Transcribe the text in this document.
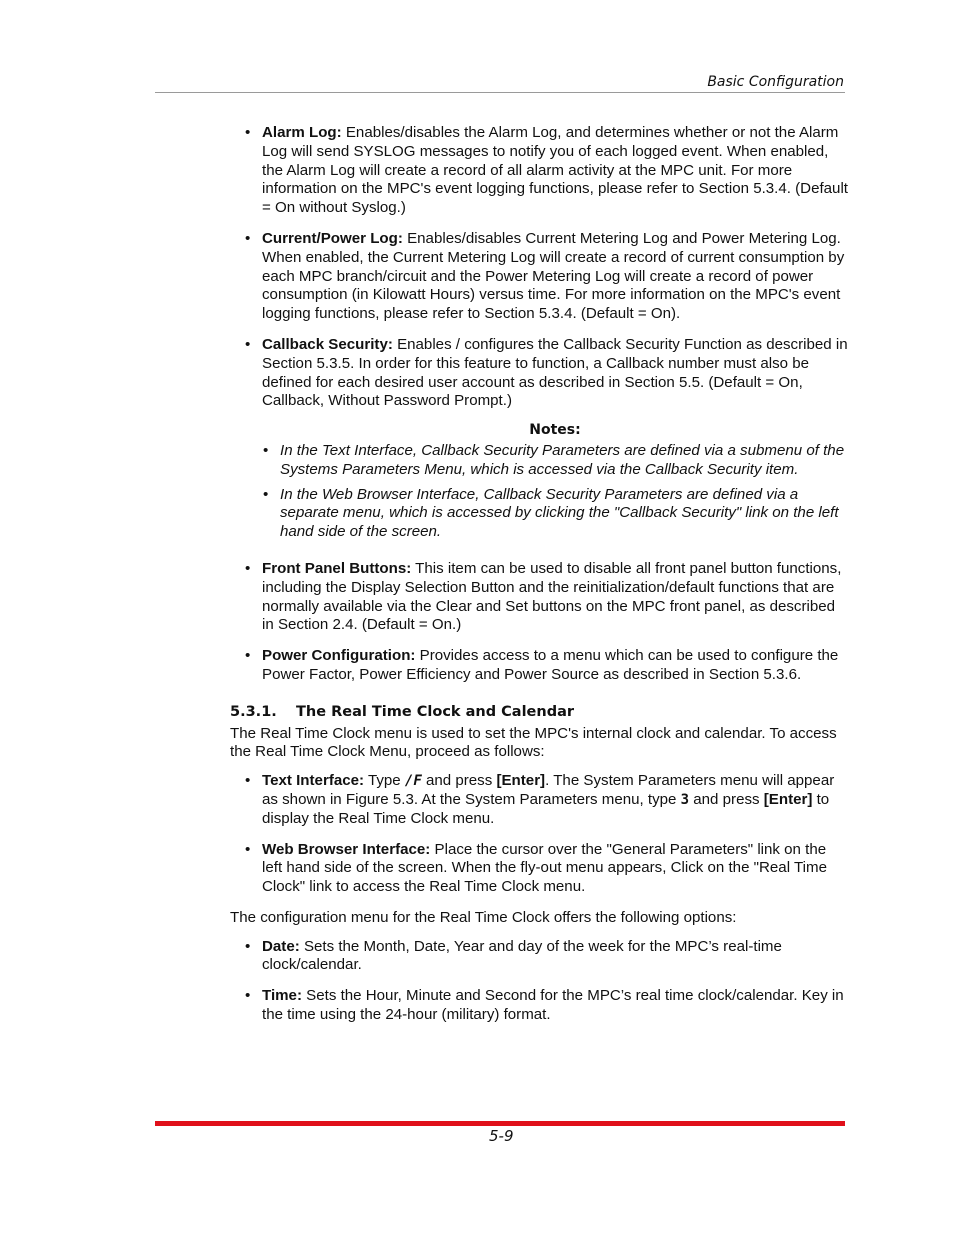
Basic Configuration
• Alarm Log: Enables/disables the Alarm Log, and determines whether or not the Alarm Log will send SYSLOG messages to notify you of each logged event. When enabled, the Alarm Log will create a record of all alarm activity at the MPC unit. For more information on the MPC's event logging functions, please refer to Section 5.3.4. (Default = On without Syslog.)
• Current/Power Log: Enables/disables Current Metering Log and Power Metering Log. When enabled, the Current Metering Log will create a record of current consumption by each MPC branch/circuit and the Power Metering Log will create a record of power consumption (in Kilowatt Hours) versus time. For more information on the MPC's event logging functions, please refer to Section 5.3.4. (Default = On).
• Callback Security: Enables / configures the Callback Security Function as described in Section 5.3.5. In order for this feature to function, a Callback number must also be defined for each desired user account as described in Section 5.5. (Default = On, Callback, Without Password Prompt.)
Notes:
• In the Text Interface, Callback Security Parameters are defined via a submenu of the Systems Parameters Menu, which is accessed via the Callback Security item.
• In the Web Browser Interface, Callback Security Parameters are defined via a separate menu, which is accessed by clicking the "Callback Security" link on the left hand side of the screen.
• Front Panel Buttons: This item can be used to disable all front panel button functions, including the Display Selection Button and the reinitialization/default functions that are normally available via the Clear and Set buttons on the MPC front panel, as described in Section 2.4. (Default = On.)
• Power Configuration: Provides access to a menu which can be used to configure the Power Factor, Power Efficiency and Power Source as described in Section 5.3.6.
5.3.1. The Real Time Clock and Calendar

The Real Time Clock menu is used to set the MPC's internal clock and calendar. To access the Real Time Clock Menu, proceed as follows:

• Text Interface: Type /F and press [Enter]. The System Parameters menu will appear as shown in Figure 5.3. At the System Parameters menu, type 3 and press [Enter] to display the Real Time Clock menu.
• Web Browser Interface: Place the cursor over the "General Parameters" link on the left hand side of the screen. When the fly-out menu appears, Click on the "Real Time Clock" link to access the Real Time Clock menu.

The configuration menu for the Real Time Clock offers the following options:

• Date: Sets the Month, Date, Year and day of the week for the MPC’s real-time clock/calendar.
• Time: Sets the Hour, Minute and Second for the MPC’s real time clock/calendar. Key in the time using the 24-hour (military) format.
5-9
